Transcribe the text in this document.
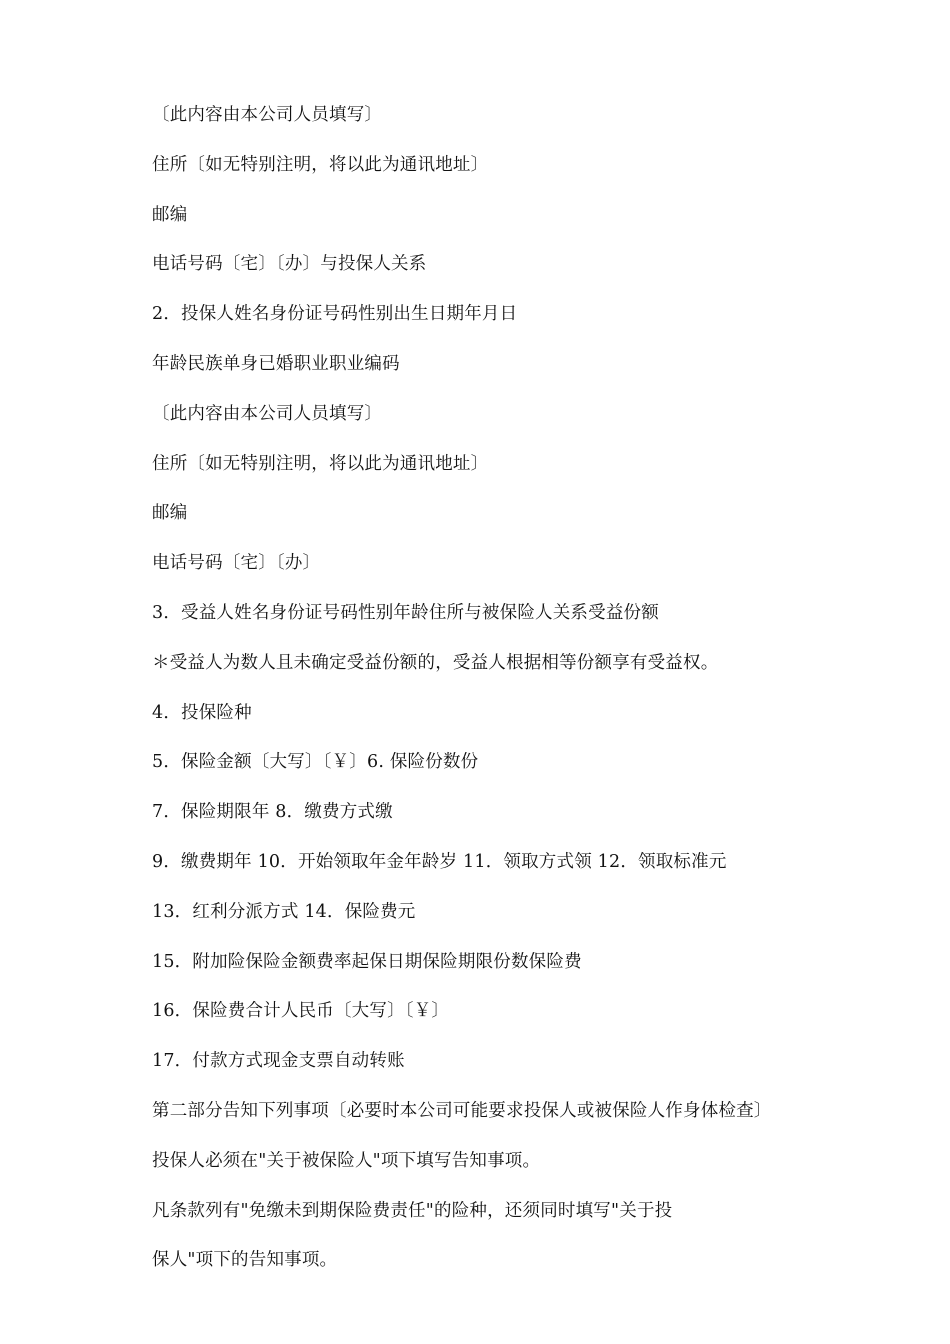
〔此内容由本公司人员填写〕
住所〔如无特别注明，将以此为通讯地址〕
邮编
电话号码〔宅〕〔办〕与投保人关系
2．投保人姓名身份证号码性别出生日期年月日
年龄民族单身已婚职业职业编码
〔此内容由本公司人员填写〕
住所〔如无特别注明，将以此为通讯地址〕
邮编
电话号码〔宅〕〔办〕
3．受益人姓名身份证号码性别年龄住所与被保险人关系受益份额
＊受益人为数人且未确定受益份额的，受益人根据相等份额享有受益权。
4．投保险种
5．保险金额〔大写〕〔￥〕6. 保险份数份
7．保险期限年 8．缴费方式缴
9．缴费期年 10．开始领取年金年龄岁 11．领取方式领 12．领取标准元
13．红利分派方式 14．保险费元
15．附加险保险金额费率起保日期保险期限份数保险费
16．保险费合计人民币〔大写〕〔￥〕
17．付款方式现金支票自动转账
第二部分告知下列事项〔必要时本公司可能要求投保人或被保险人作身体检查〕
投保人必须在"关于被保险人"项下填写告知事项。
凡条款列有"免缴未到期保险费责任"的险种，还须同时填写"关于投
保人"项下的告知事项。
